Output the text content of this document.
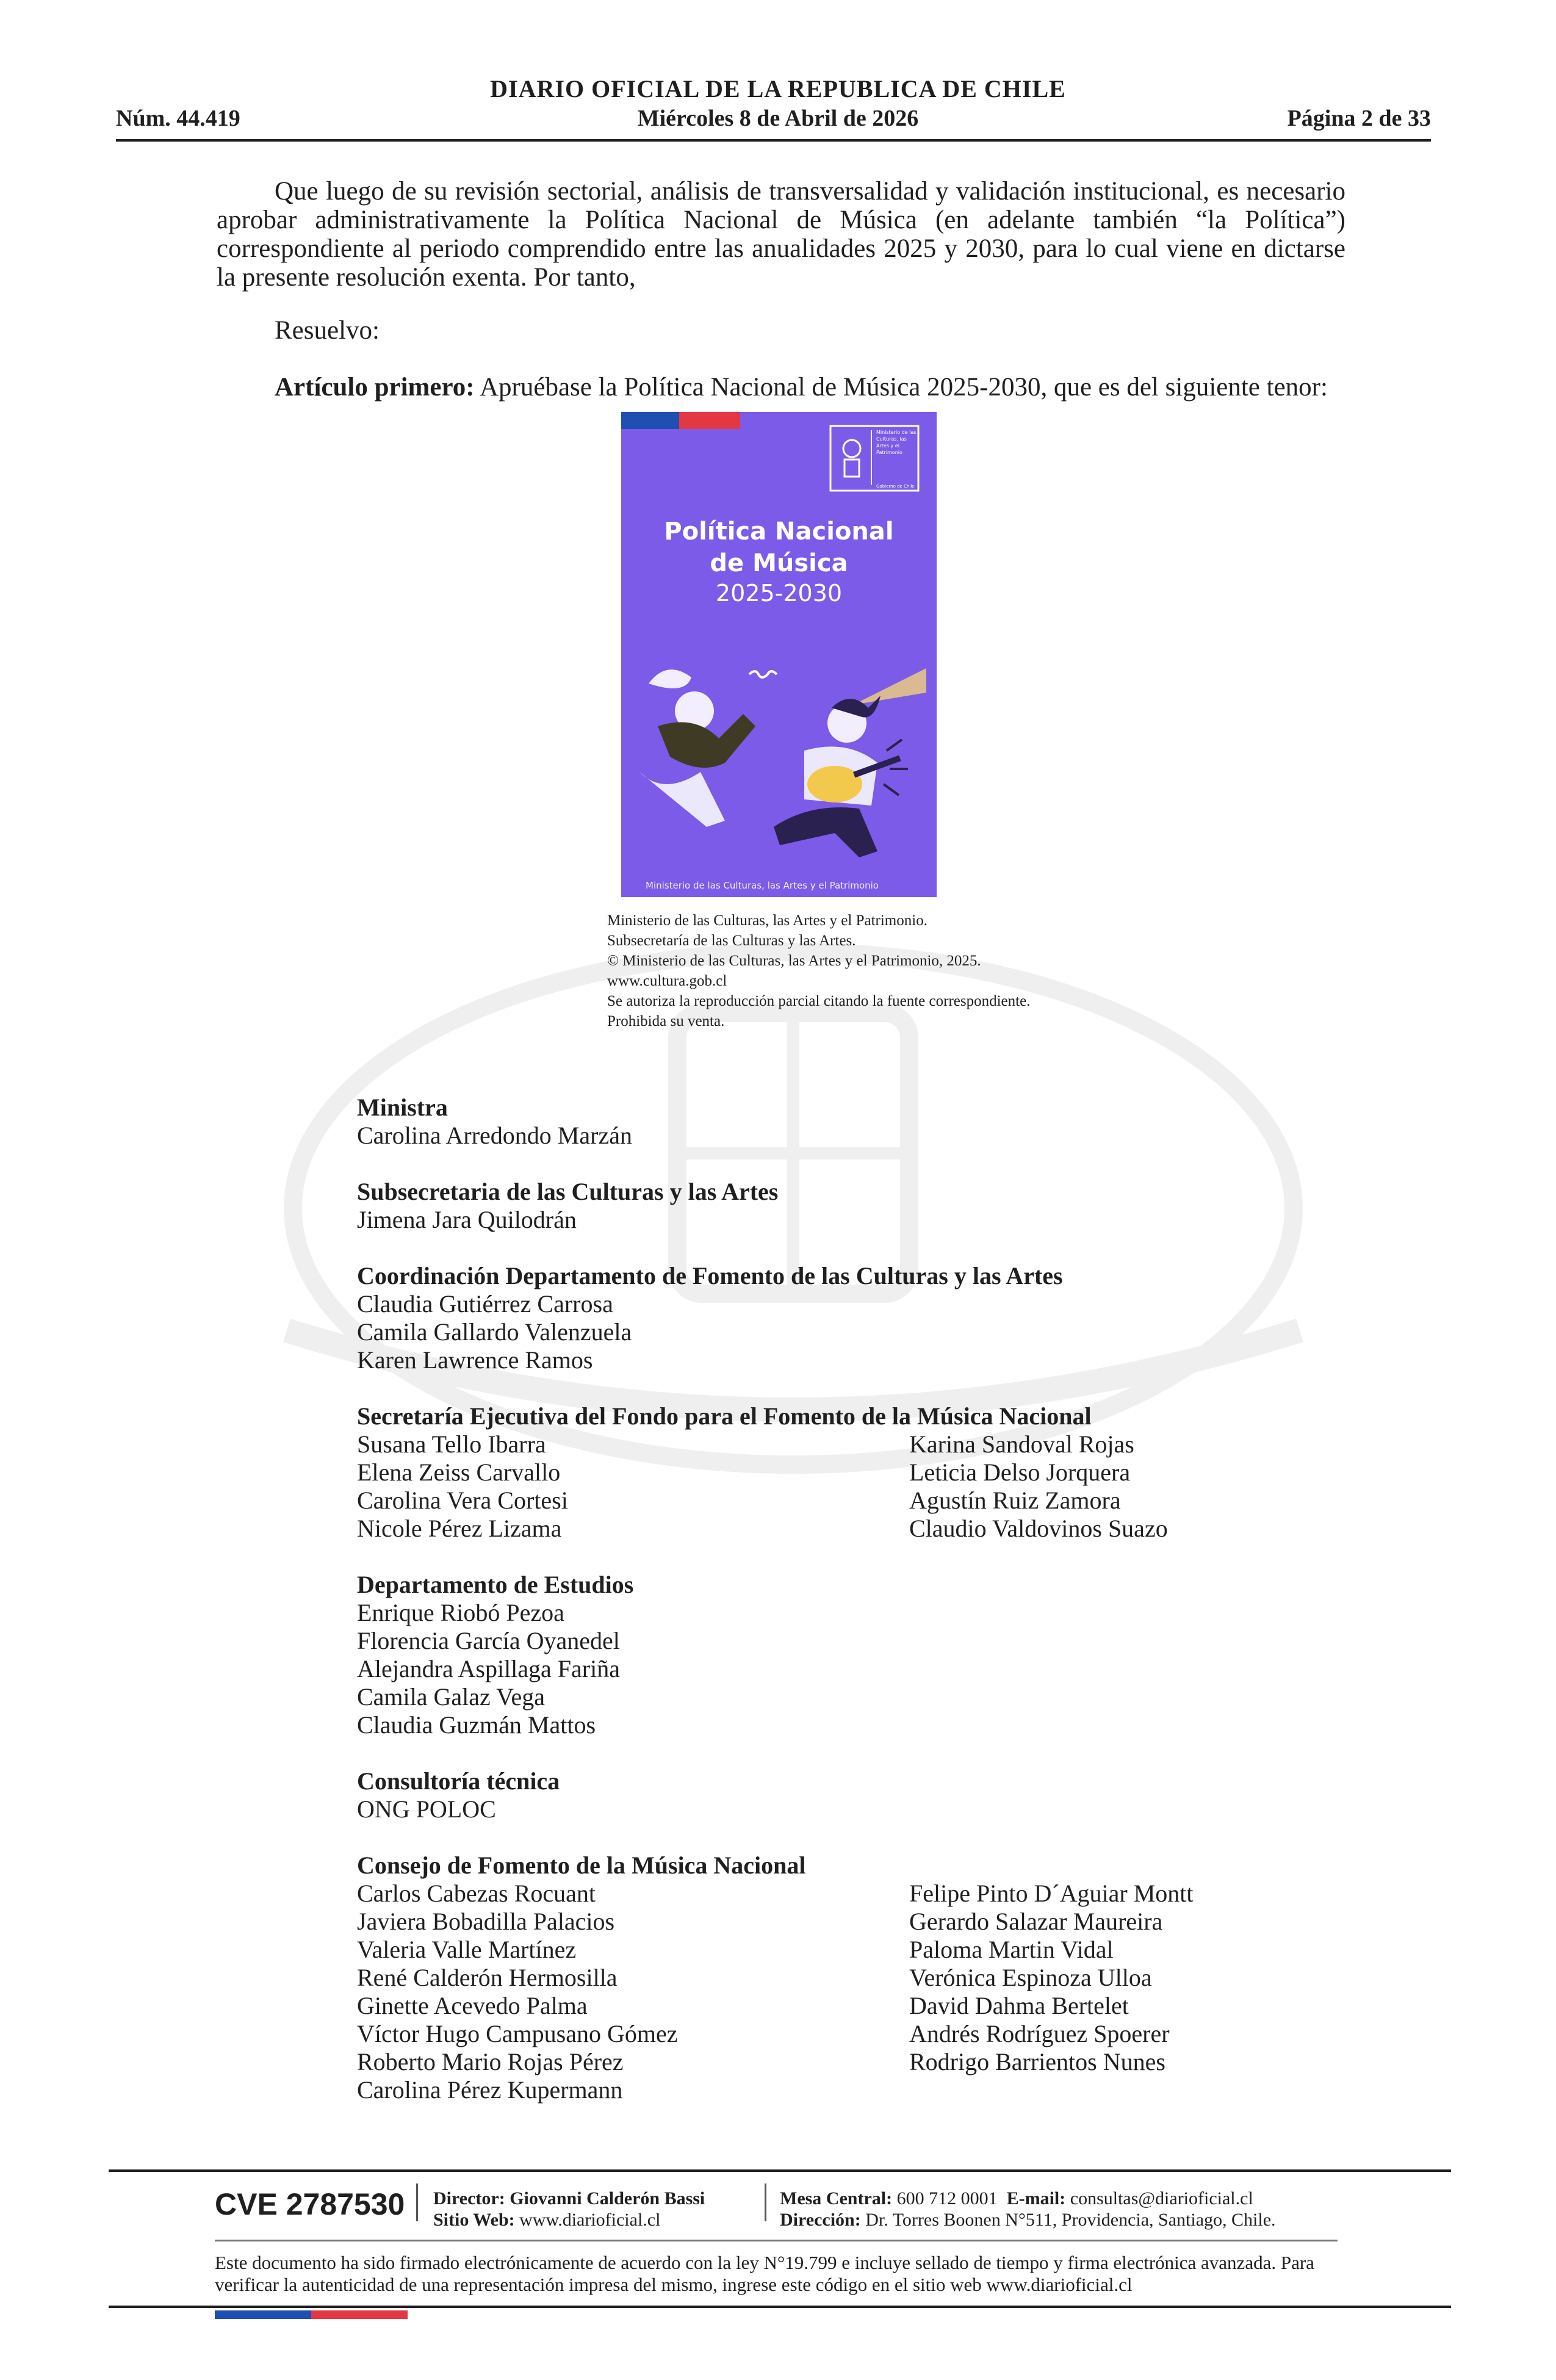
DIARIO OFICIAL DE LA REPUBLICA DE CHILE
Núm. 44.419	Miércoles 8 de Abril de 2026	Página 2 de 33
Que luego de su revisión sectorial, análisis de transversalidad y validación institucional, es necesario aprobar administrativamente la Política Nacional de Música (en adelante también “la Política”) correspondiente al periodo comprendido entre las anualidades 2025 y 2030, para lo cual viene en dictarse la presente resolución exenta. Por tanto,
Resuelvo:
Artículo primero: Apruébase la Política Nacional de Música 2025-2030, que es del siguiente tenor:
Ministerio de las Culturas, las Artes y el Patrimonio
Gobierno de Chile
Política Nacional
de Música
2025-2030
Ministerio de las Culturas, las Artes y el Patrimonio
Ministerio de las Culturas, las Artes y el Patrimonio.
Subsecretaría de las Culturas y las Artes.
© Ministerio de las Culturas, las Artes y el Patrimonio, 2025.
www.cultura.gob.cl
Se autoriza la reproducción parcial citando la fuente correspondiente.
Prohibida su venta.
Ministra
Carolina Arredondo Marzán
Subsecretaria de las Culturas y las Artes
Jimena Jara Quilodrán
Coordinación Departamento de Fomento de las Culturas y las Artes
Claudia Gutiérrez Carrosa
Camila Gallardo Valenzuela
Karen Lawrence Ramos
Secretaría Ejecutiva del Fondo para el Fomento de la Música Nacional
Susana Tello Ibarra
Elena Zeiss Carvallo
Carolina Vera Cortesi
Nicole Pérez Lizama
Karina Sandoval Rojas
Leticia Delso Jorquera
Agustín Ruiz Zamora
Claudio Valdovinos Suazo
Departamento de Estudios
Enrique Riobó Pezoa
Florencia García Oyanedel
Alejandra Aspillaga Fariña
Camila Galaz Vega
Claudia Guzmán Mattos
Consultoría técnica
ONG POLOC
Consejo de Fomento de la Música Nacional
Carlos Cabezas Rocuant
Javiera Bobadilla Palacios
Valeria Valle Martínez
René Calderón Hermosilla
Ginette Acevedo Palma
Víctor Hugo Campusano Gómez
Roberto Mario Rojas Pérez
Carolina Pérez Kupermann
Felipe Pinto D´Aguiar Montt
Gerardo Salazar Maureira
Paloma Martin Vidal
Verónica Espinoza Ulloa
David Dahma Bertelet
Andrés Rodríguez Spoerer
Rodrigo Barrientos Nunes
CVE 2787530 Director: Giovanni Calderón Bassi
Sitio Web: www.diarioficial.cl
Mesa Central: 600 712 0001 E-mail: consultas@diarioficial.cl
Dirección: Dr. Torres Boonen N°511, Providencia, Santiago, Chile.
Este documento ha sido firmado electrónicamente de acuerdo con la ley N°19.799 e incluye sellado de tiempo y firma electrónica avanzada. Para verificar la autenticidad de una representación impresa del mismo, ingrese este código en el sitio web www.diarioficial.cl
